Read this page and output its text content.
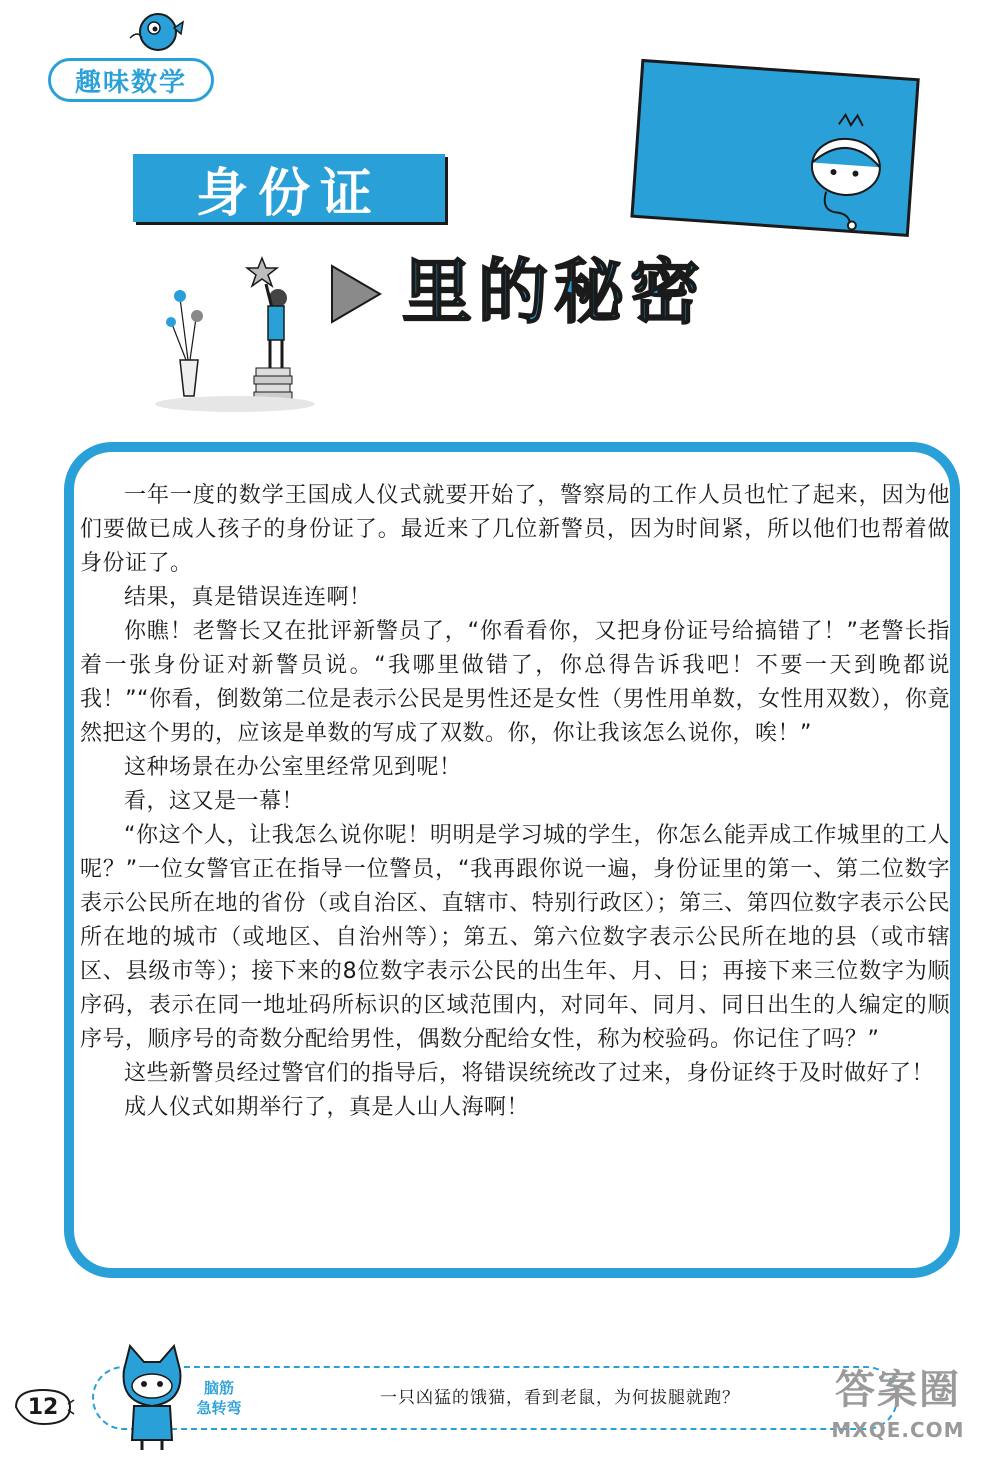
趣味数学
身份证
里的秘密

一年一度的数学王国成人仪式就要开始了，警察局的工作人员也忙了起来，因为他们要做已成人孩子的身份证了。最近来了几位新警员，因为时间紧，所以他们也帮着做身份证了。

结果，真是错误连连啊！

你瞧！老警长又在批评新警员了，“你看看你，又把身份证号给搞错了！”老警长指着一张身份证对新警员说。“我哪里做错了，你总得告诉我吧！不要一天到晚都说我！”“你看，倒数第二位是表示公民是男性还是女性（男性用单数，女性用双数），你竟然把这个男的，应该是单数的写成了双数。你，你让我该怎么说你，唉！”

这种场景在办公室里经常见到呢！

看，这又是一幕！

“你这个人，让我怎么说你呢！明明是学习城的学生，你怎么能弄成工作城里的工人呢？”一位女警官正在指导一位警员，“我再跟你说一遍，身份证里的第一、第二位数字表示公民所在地的省份（或自治区、直辖市、特别行政区）；第三、第四位数字表示公民所在地的城市（或地区、自治州等）；第五、第六位数字表示公民所在地的县（或市辖区、县级市等）；接下来的8位数字表示公民的出生年、月、日；再接下来三位数字为顺序码，表示在同一地址码所标识的区域范围内，对同年、同月、同日出生的人编定的顺序号，顺序号的奇数分配给男性，偶数分配给女性，称为校验码。你记住了吗？”

这些新警员经过警官们的指导后，将错误统统改了过来，身份证终于及时做好了！

成人仪式如期举行了，真是人山人海啊！

12
脑筋
急转弯	一只凶猛的饿猫，看到老鼠，为何拔腿就跑？	答案圈
MXQE.COM
